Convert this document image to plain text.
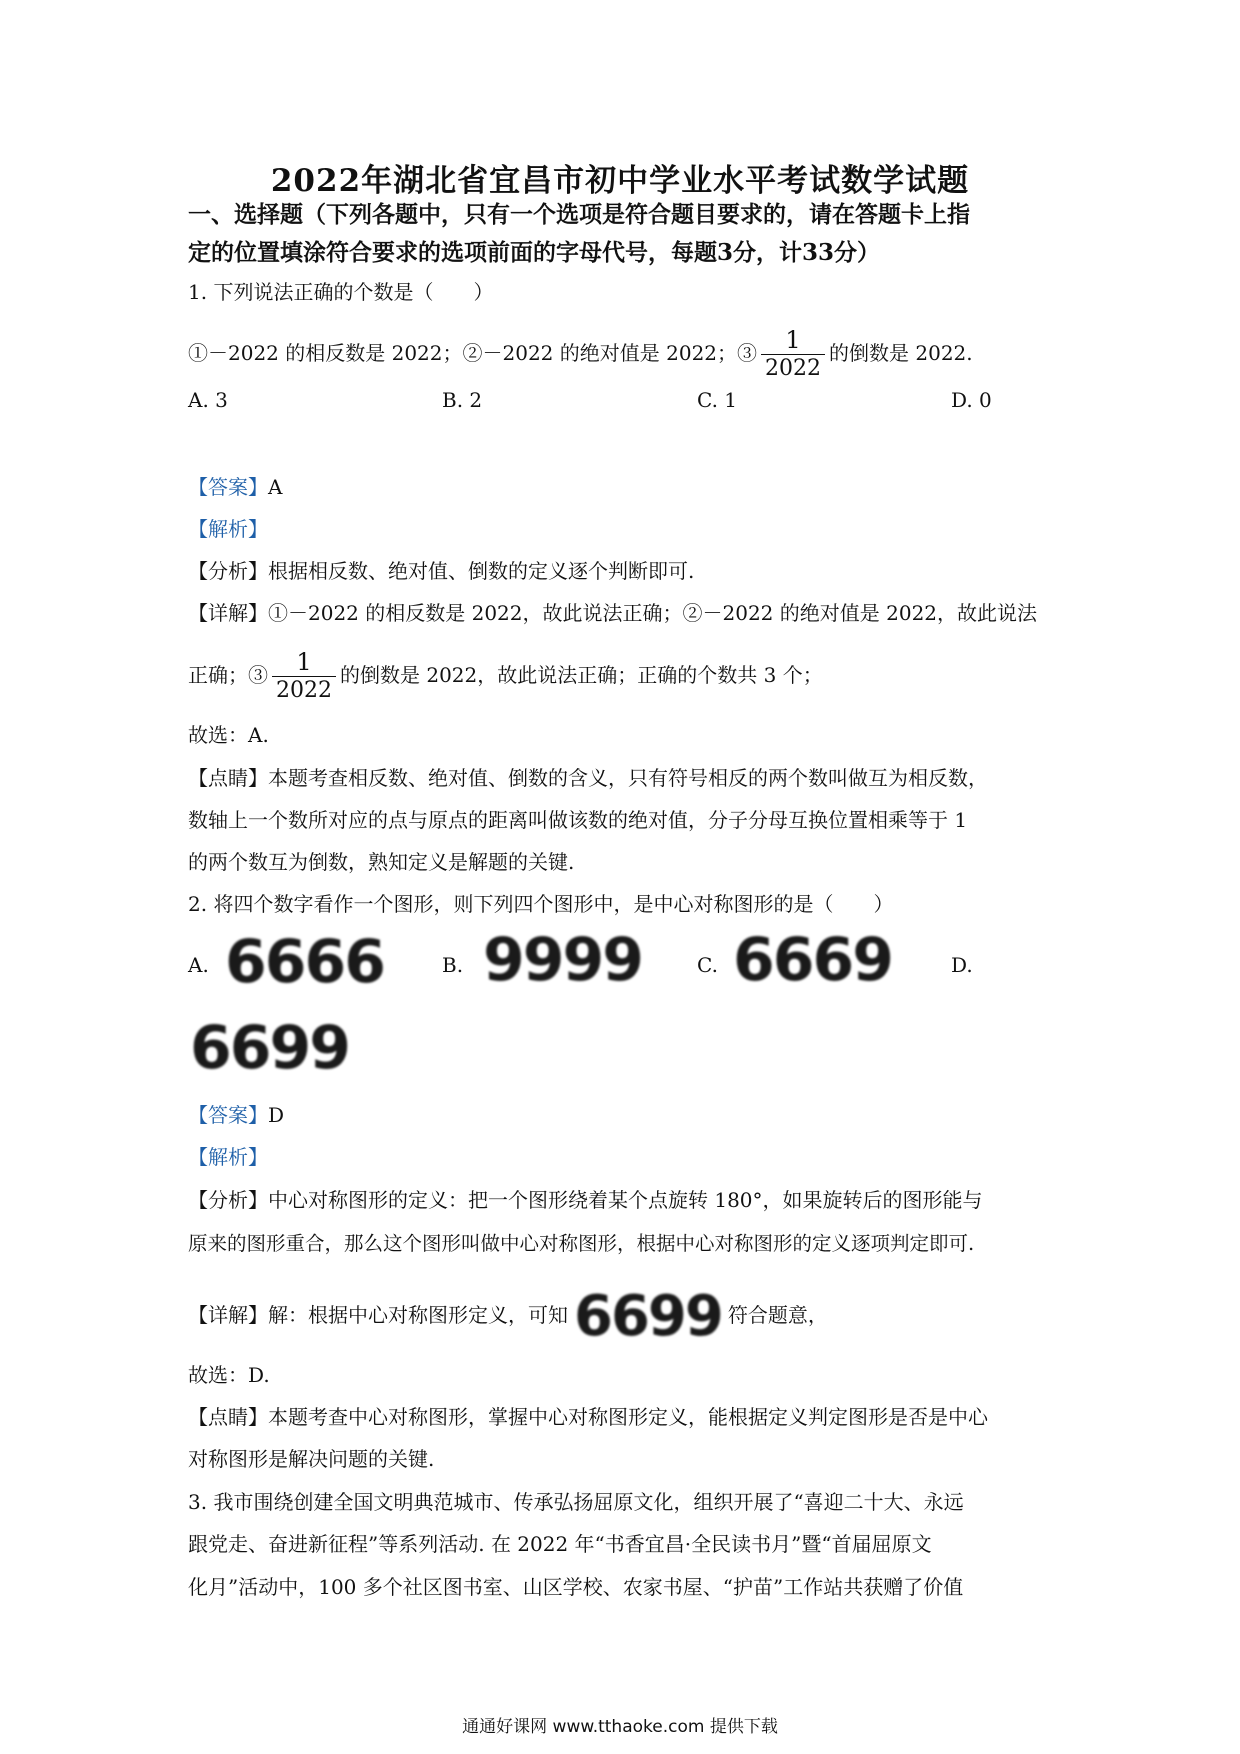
2022年湖北省宜昌市初中学业水平考试数学试题
一、选择题（下列各题中，只有一个选项是符合题目要求的，请在答题卡上指
定的位置填涂符合要求的选项前面的字母代号，每题3分，计33分）
1. 下列说法正确的个数是（　　）
①－2022 的相反数是 2022；②－2022 的绝对值是 2022；③ $\frac{1}{2022}$ 的倒数是 2022.
A. 3	B. 2	C. 1	D. 0
【答案】A
【解析】
【分析】根据相反数、绝对值、倒数的定义逐个判断即可.
【详解】①－2022 的相反数是 2022，故此说法正确；②－2022 的绝对值是 2022，故此说法
正确；③ $\frac{1}{2022}$ 的倒数是 2022，故此说法正确；正确的个数共 3 个；
故选：A.
【点睛】本题考查相反数、绝对值、倒数的含义，只有符号相反的两个数叫做互为相反数，
数轴上一个数所对应的点与原点的距离叫做该数的绝对值，分子分母互换位置相乘等于 1
的两个数互为倒数，熟知定义是解题的关键.
2. 将四个数字看作一个图形，则下列四个图形中，是中心对称图形的是（　　）
A. 6666	B. 9999	C. 6669	D.
6699
【答案】D
【解析】
【分析】中心对称图形的定义：把一个图形绕着某个点旋转 180°，如果旋转后的图形能与
原来的图形重合，那么这个图形叫做中心对称图形，根据中心对称图形的定义逐项判定即可.
【详解】解：根据中心对称图形定义，可知 6699 符合题意，
故选：D.
【点睛】本题考查中心对称图形，掌握中心对称图形定义，能根据定义判定图形是否是中心
对称图形是解决问题的关键.
3. 我市围绕创建全国文明典范城市、传承弘扬屈原文化，组织开展了“喜迎二十大、永远
跟党走、奋进新征程”等系列活动. 在 2022 年“书香宜昌·全民读书月”暨“首届屈原文
化月”活动中，100 多个社区图书室、山区学校、农家书屋、“护苗”工作站共获赠了价值
通通好课网 www.tthaoke.com 提供下载
